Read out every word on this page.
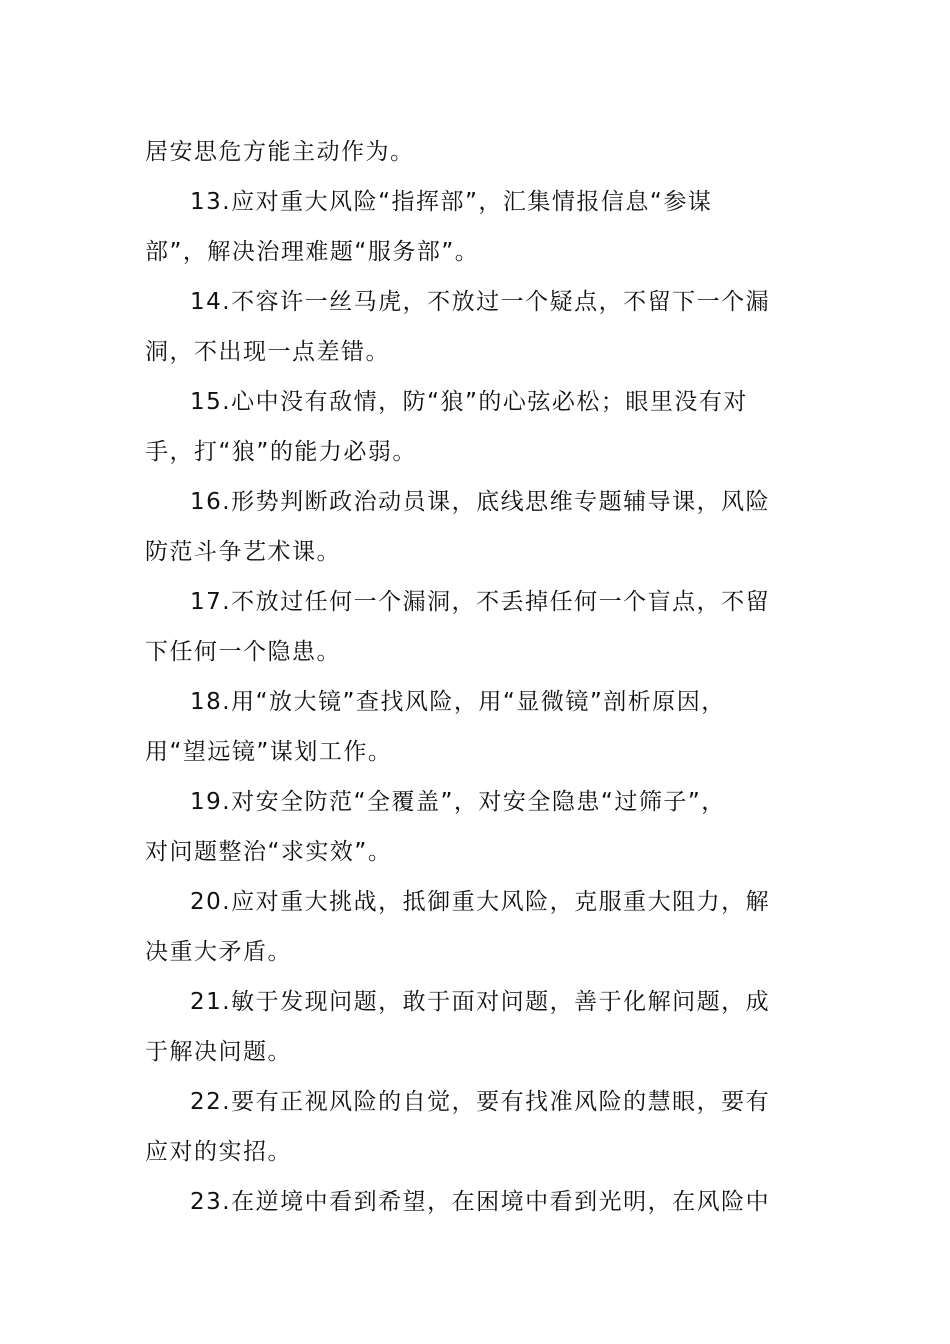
居安思危方能主动作为。
13.应对重大风险“指挥部”，汇集情报信息“参谋
部”，解决治理难题“服务部”。
14.不容许一丝马虎，不放过一个疑点，不留下一个漏
洞，不出现一点差错。
15.心中没有敌情，防“狼”的心弦必松；眼里没有对
手，打“狼”的能力必弱。
16.形势判断政治动员课，底线思维专题辅导课，风险
防范斗争艺术课。
17.不放过任何一个漏洞，不丢掉任何一个盲点，不留
下任何一个隐患。
18.用“放大镜”查找风险，用“显微镜”剖析原因，
用“望远镜”谋划工作。
19.对安全防范“全覆盖”，对安全隐患“过筛子”，
对问题整治“求实效”。
20.应对重大挑战，抵御重大风险，克服重大阻力，解
决重大矛盾。
21.敏于发现问题，敢于面对问题，善于化解问题，成
于解决问题。
22.要有正视风险的自觉，要有找准风险的慧眼，要有
应对的实招。
23.在逆境中看到希望，在困境中看到光明，在风险中
